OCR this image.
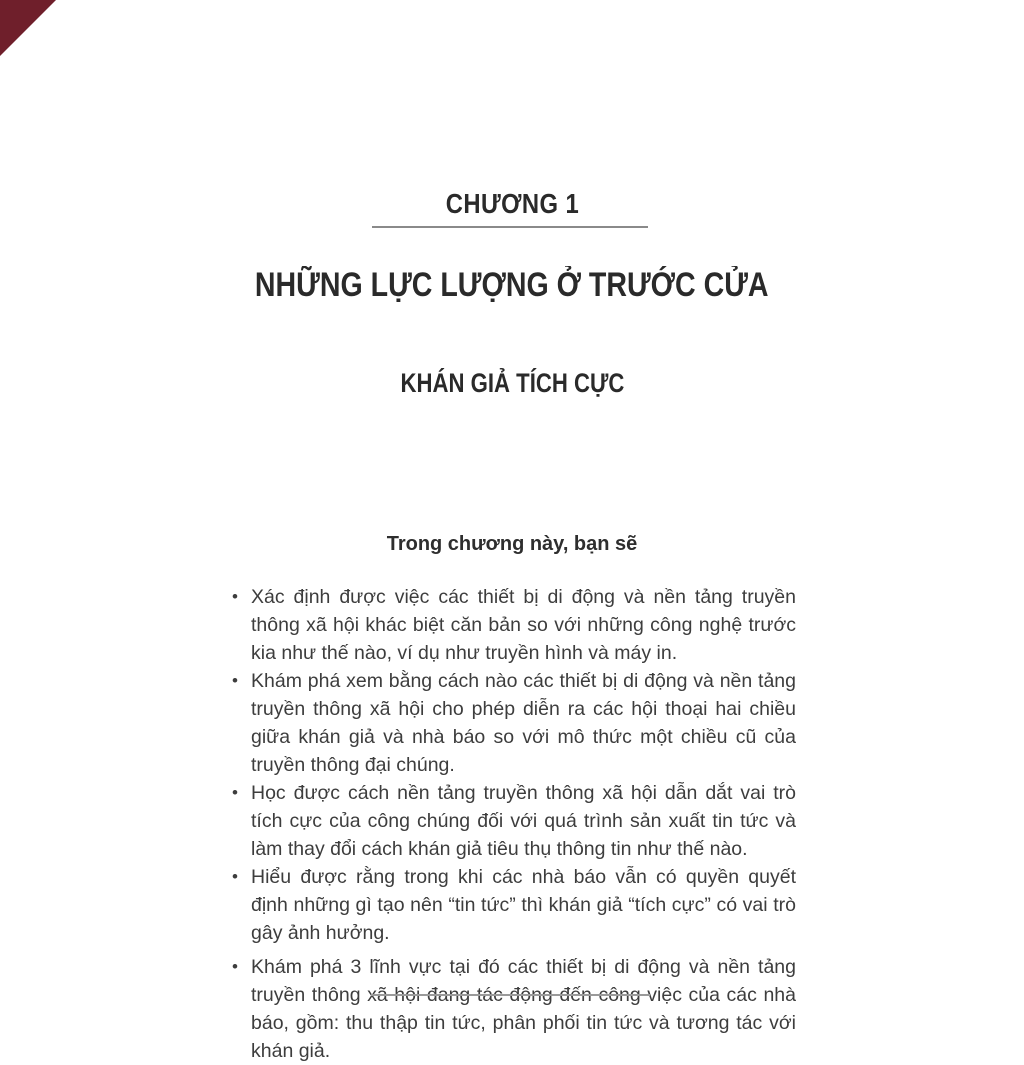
CHƯƠNG 1
NHỮNG LỰC LƯỢNG Ở TRƯỚC CỬA
KHÁN GIẢ TÍCH CỰC
Trong chương này, bạn sẽ
• Xác định được việc các thiết bị di động và nền tảng truyền thông xã hội khác biệt căn bản so với những công nghệ trước kia như thế nào, ví dụ như truyền hình và máy in.
• Khám phá xem bằng cách nào các thiết bị di động và nền tảng truyền thông xã hội cho phép diễn ra các hội thoại hai chiều giữa khán giả và nhà báo so với mô thức một chiều cũ của truyền thông đại chúng.
• Học được cách nền tảng truyền thông xã hội dẫn dắt vai trò tích cực của công chúng đối với quá trình sản xuất tin tức và làm thay đổi cách khán giả tiêu thụ thông tin như thế nào.
• Hiểu được rằng trong khi các nhà báo vẫn có quyền quyết định những gì tạo nên “tin tức” thì khán giả “tích cực” có vai trò gây ảnh hưởng.
• Khám phá 3 lĩnh vực tại đó các thiết bị di động và nền tảng truyền thông xã hội đang tác động đến công việc của các nhà báo, gồm: thu thập tin tức, phân phối tin tức và tương tác với khán giả.
